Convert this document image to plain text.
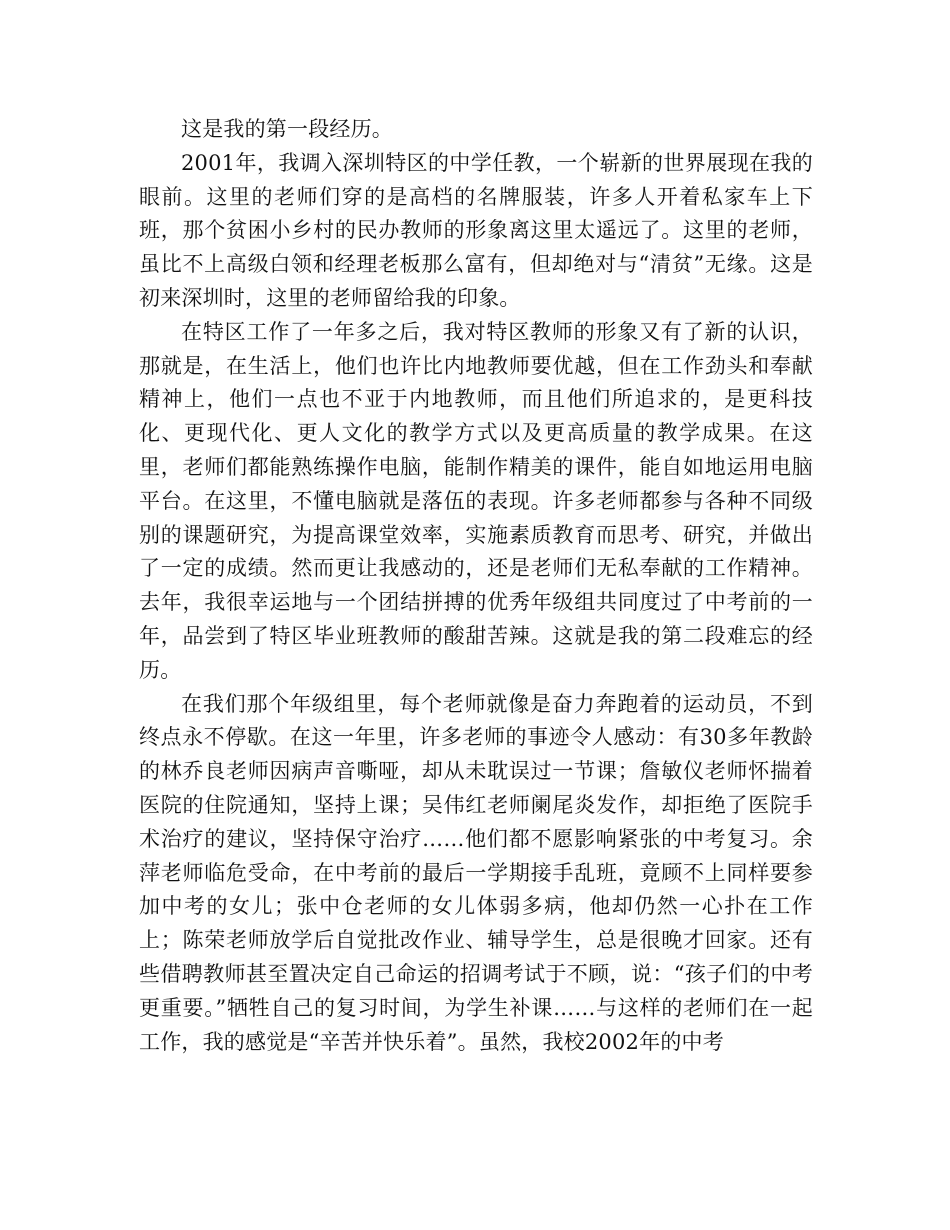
这是我的第一段经历。

2001年，我调入深圳特区的中学任教，一个崭新的世界展现在我的眼前。这里的老师们穿的是高档的名牌服装，许多人开着私家车上下班，那个贫困小乡村的民办教师的形象离这里太遥远了。这里的老师，虽比不上高级白领和经理老板那么富有，但却绝对与“清贫”无缘。这是初来深圳时，这里的老师留给我的印象。

在特区工作了一年多之后，我对特区教师的形象又有了新的认识，那就是，在生活上，他们也许比内地教师要优越，但在工作劲头和奉献精神上，他们一点也不亚于内地教师，而且他们所追求的，是更科技化、更现代化、更人文化的教学方式以及更高质量的教学成果。在这里，老师们都能熟练操作电脑，能制作精美的课件，能自如地运用电脑平台。在这里，不懂电脑就是落伍的表现。许多老师都参与各种不同级别的课题研究，为提高课堂效率，实施素质教育而思考、研究，并做出了一定的成绩。然而更让我感动的，还是老师们无私奉献的工作精神。去年，我很幸运地与一个团结拼搏的优秀年级组共同度过了中考前的一年，品尝到了特区毕业班教师的酸甜苦辣。这就是我的第二段难忘的经历。

在我们那个年级组里，每个老师就像是奋力奔跑着的运动员，不到终点永不停歇。在这一年里，许多老师的事迹令人感动：有30多年教龄的林乔良老师因病声音嘶哑，却从未耽误过一节课；詹敏仪老师怀揣着医院的住院通知，坚持上课；吴伟红老师阑尾炎发作，却拒绝了医院手术治疗的建议，坚持保守治疗……他们都不愿影响紧张的中考复习。余萍老师临危受命，在中考前的最后一学期接手乱班，竟顾不上同样要参加中考的女儿；张中仓老师的女儿体弱多病，他却仍然一心扑在工作上；陈荣老师放学后自觉批改作业、辅导学生，总是很晚才回家。还有些借聘教师甚至置决定自己命运的招调考试于不顾，说：“孩子们的中考更重要。”牺牲自己的复习时间，为学生补课……与这样的老师们在一起工作，我的感觉是“辛苦并快乐着”。虽然，我校2002年的中考
